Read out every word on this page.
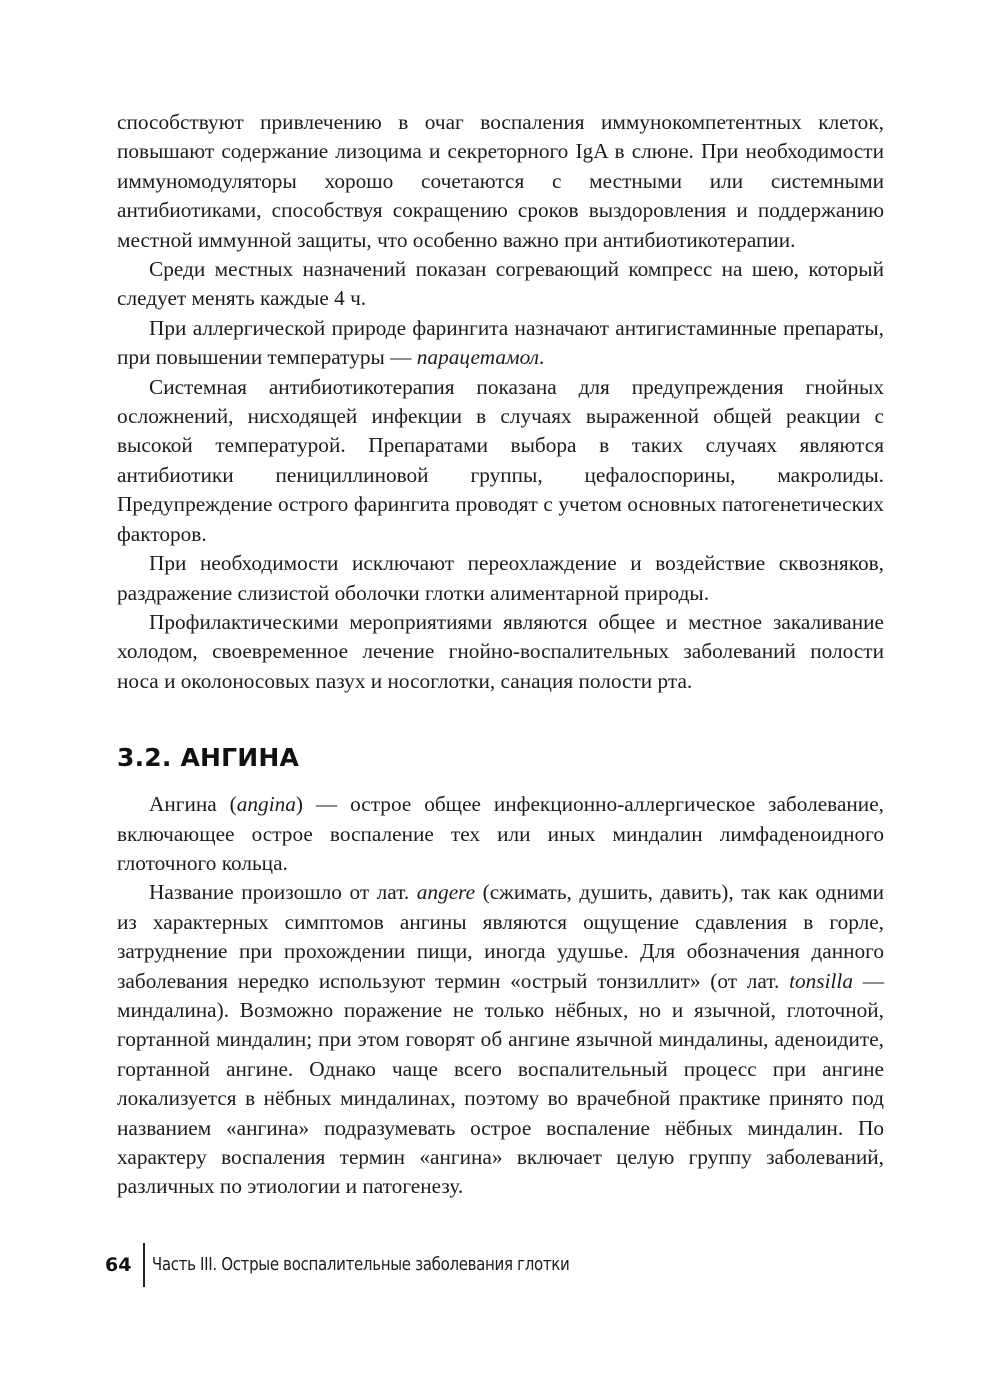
способствуют привлечению в очаг воспаления иммунокомпетентных клеток, повышают содержание лизоцима и секреторного IgA в слюне. При необходимости иммуномодуляторы хорошо сочетаются с местными или системными антибиотиками, способствуя сокращению сроков выздоровления и поддержанию местной иммунной защиты, что особенно важно при антибиотикотерапии.

Среди местных назначений показан согревающий компресс на шею, который следует менять каждые 4 ч.

При аллергической природе фарингита назначают антигистаминные препараты, при повышении температуры — парацетамол.

Системная антибиотикотерапия показана для предупреждения гнойных осложнений, нисходящей инфекции в случаях выраженной общей реакции с высокой температурой. Препаратами выбора в таких случаях являются антибиотики пенициллиновой группы, цефалоспорины, макролиды. Предупреждение острого фарингита проводят с учетом основных патогенетических факторов.

При необходимости исключают переохлаждение и воздействие сквозняков, раздражение слизистой оболочки глотки алиментарной природы.

Профилактическими мероприятиями являются общее и местное закаливание холодом, своевременное лечение гнойно-воспалительных заболеваний полости носа и околоносовых пазух и носоглотки, санация полости рта.

3.2. АНГИНА

Ангина (angina) — острое общее инфекционно-аллергическое заболевание, включающее острое воспаление тех или иных миндалин лимфаденоидного глоточного кольца.

Название произошло от лат. angere (сжимать, душить, давить), так как одними из характерных симптомов ангины являются ощущение сдавления в горле, затруднение при прохождении пищи, иногда удушье. Для обозначения данного заболевания нередко используют термин «острый тонзиллит» (от лат. tonsilla — миндалина). Возможно поражение не только нёбных, но и язычной, глоточной, гортанной миндалин; при этом говорят об ангине язычной миндалины, аденоидите, гортанной ангине. Однако чаще всего воспалительный процесс при ангине локализуется в нёбных миндалинах, поэтому во врачебной практике принято под названием «ангина» подразумевать острое воспаление нёбных миндалин. По характеру воспаления термин «ангина» включает целую группу заболеваний, различных по этиологии и патогенезу.

64	Часть III. Острые воспалительные заболевания глотки
